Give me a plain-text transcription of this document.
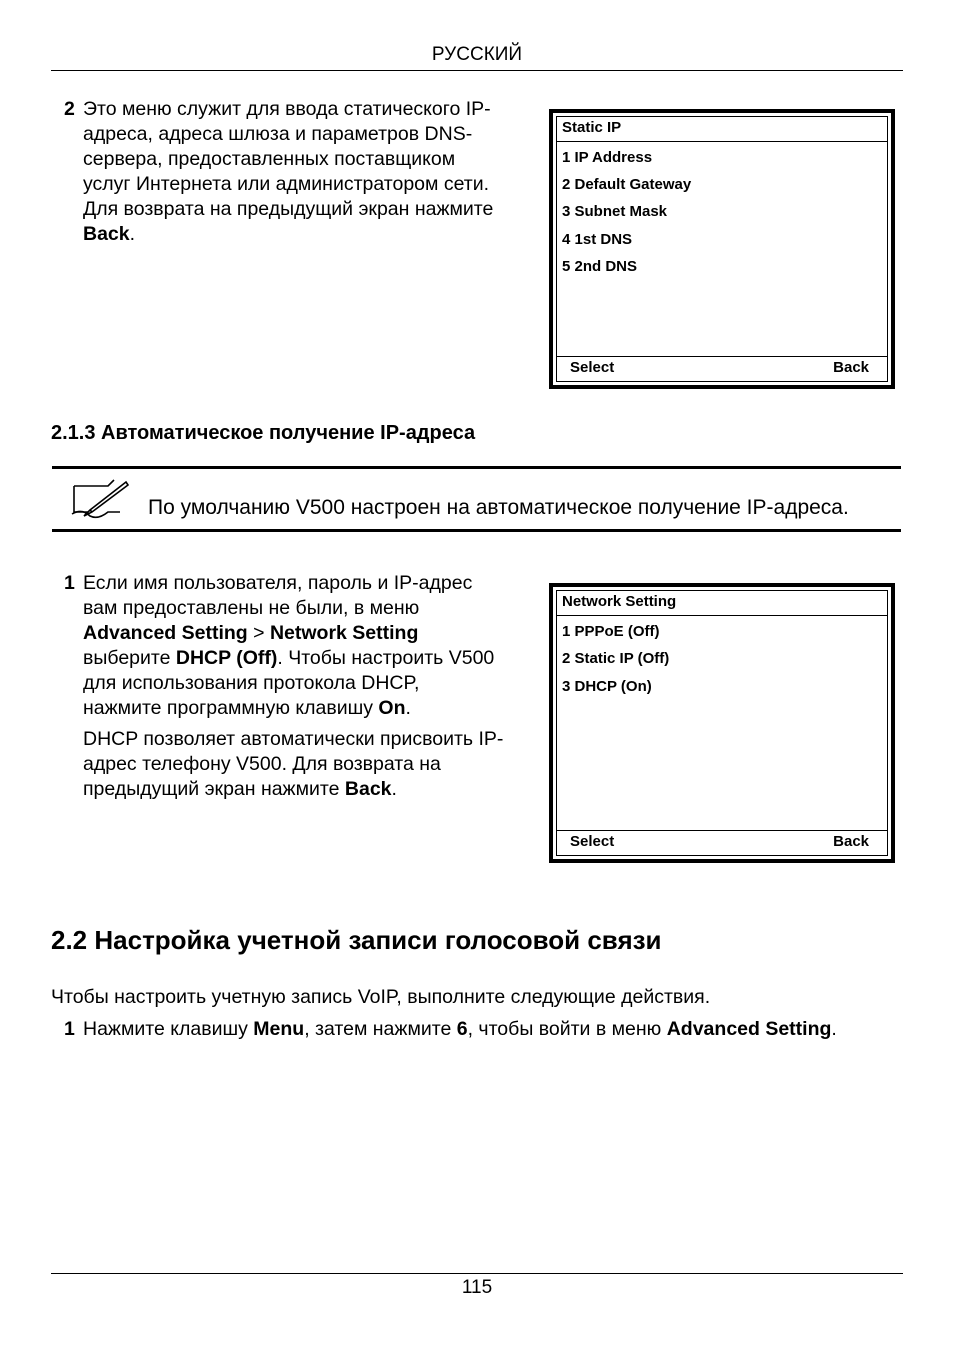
РУССКИЙ
2 Это меню служит для ввода статического IP-
адреса, адреса шлюза и параметров DNS-
сервера, предоставленных поставщиком
услуг Интернета или администратором сети.
Для возврата на предыдущий экран нажмите
Back.
Static IP
1 IP Address
2 Default Gateway
3 Subnet Mask
4 1st DNS
5 2nd DNS
Select	Back
2.1.3 Автоматическое получение IP-адреса
По умолчанию V500 настроен на автоматическое получение IP-адреса.
1 Если имя пользователя, пароль и IP-адрес
вам предоставлены не были, в меню
Advanced Setting > Network Setting
выберите DHCP (Off). Чтобы настроить V500
для использования протокола DHCP,
нажмите программную клавишу On.
DHCP позволяет автоматически присвоить IP-
адрес телефону V500. Для возврата на
предыдущий экран нажмите Back.
Network Setting
1 PPPoE (Off)
2 Static IP (Off)
3 DHCP (On)
Select	Back
2.2 Настройка учетной записи голосовой связи
Чтобы настроить учетную запись VoIP, выполните следующие действия.
1 Нажмите клавишу Menu, затем нажмите 6, чтобы войти в меню Advanced Setting.
115
